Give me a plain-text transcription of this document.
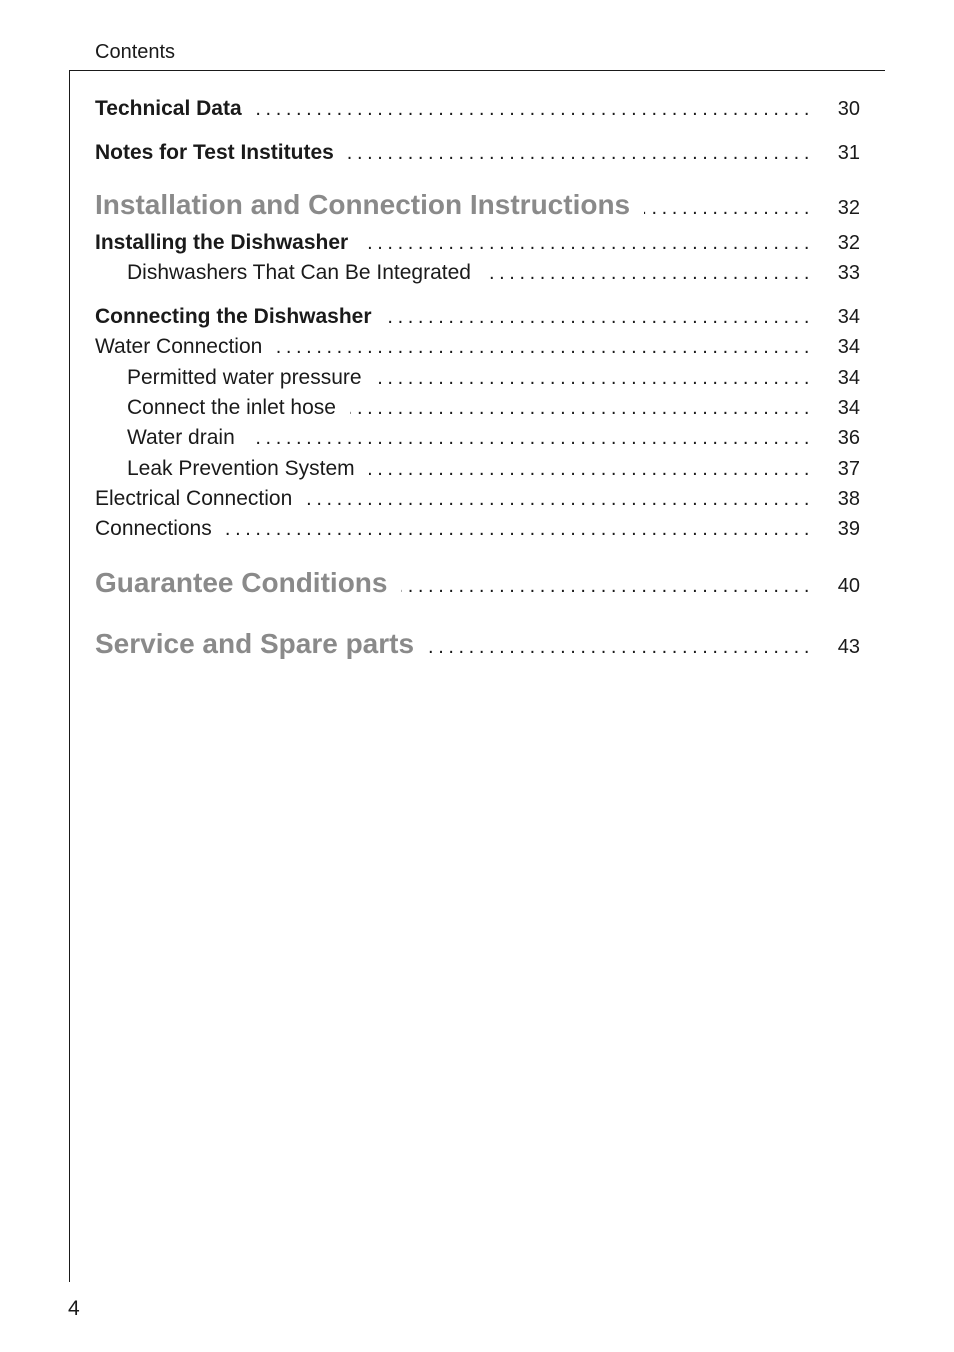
Contents
Technical Data .....	30
Notes for Test Institutes .....	31
Installation and Connection Instructions .....	32
Installing the Dishwasher .....	32
Dishwashers That Can Be Integrated .....	33
Connecting the Dishwasher .....	34
Water Connection .....	34
Permitted water pressure .....	34
Connect the inlet hose .....	34
Water drain .....	36
Leak Prevention System .....	37
Electrical Connection .....	38
Connections .....	39
Guarantee Conditions .....	40
Service and Spare parts .....	43
4
